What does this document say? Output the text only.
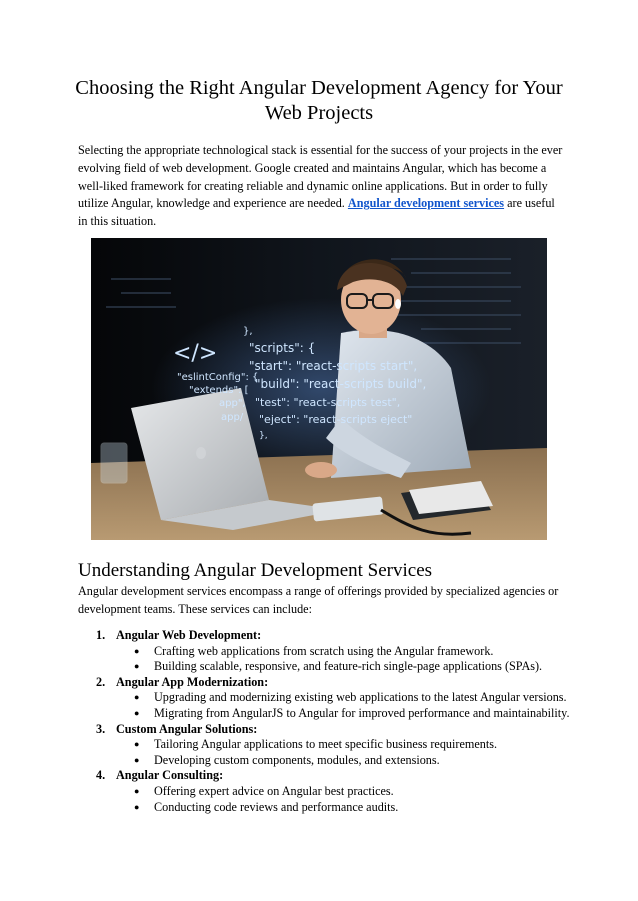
Choosing the Right Angular Development Agency for Your Web Projects

Selecting the appropriate technological stack is essential for the success of your projects in the ever evolving field of web development. Google created and maintains Angular, which has become a well-liked framework for creating reliable and dynamic online applications. But in order to fully utilize Angular, knowledge and experience are needed. Angular development services are useful in this situation.

</>
},
"scripts": {
"start": "react-scripts start",
"build": "react-scripts build",
"test": "react-scripts test",
"eject": "react-scripts eject"
},
"eslintConfig": {
"extends": [
app",
app/
Understanding Angular Development Services

Angular development services encompass a range of offerings provided by specialized agencies or development teams. These services can include:

1. Angular Web Development:
● Crafting web applications from scratch using the Angular framework.
● Building scalable, responsive, and feature-rich single-page applications (SPAs).
2. Angular App Modernization:
● Upgrading and modernizing existing web applications to the latest Angular versions.
● Migrating from AngularJS to Angular for improved performance and maintainability.
3. Custom Angular Solutions:
● Tailoring Angular applications to meet specific business requirements.
● Developing custom components, modules, and extensions.
4. Angular Consulting:
● Offering expert advice on Angular best practices.
● Conducting code reviews and performance audits.
